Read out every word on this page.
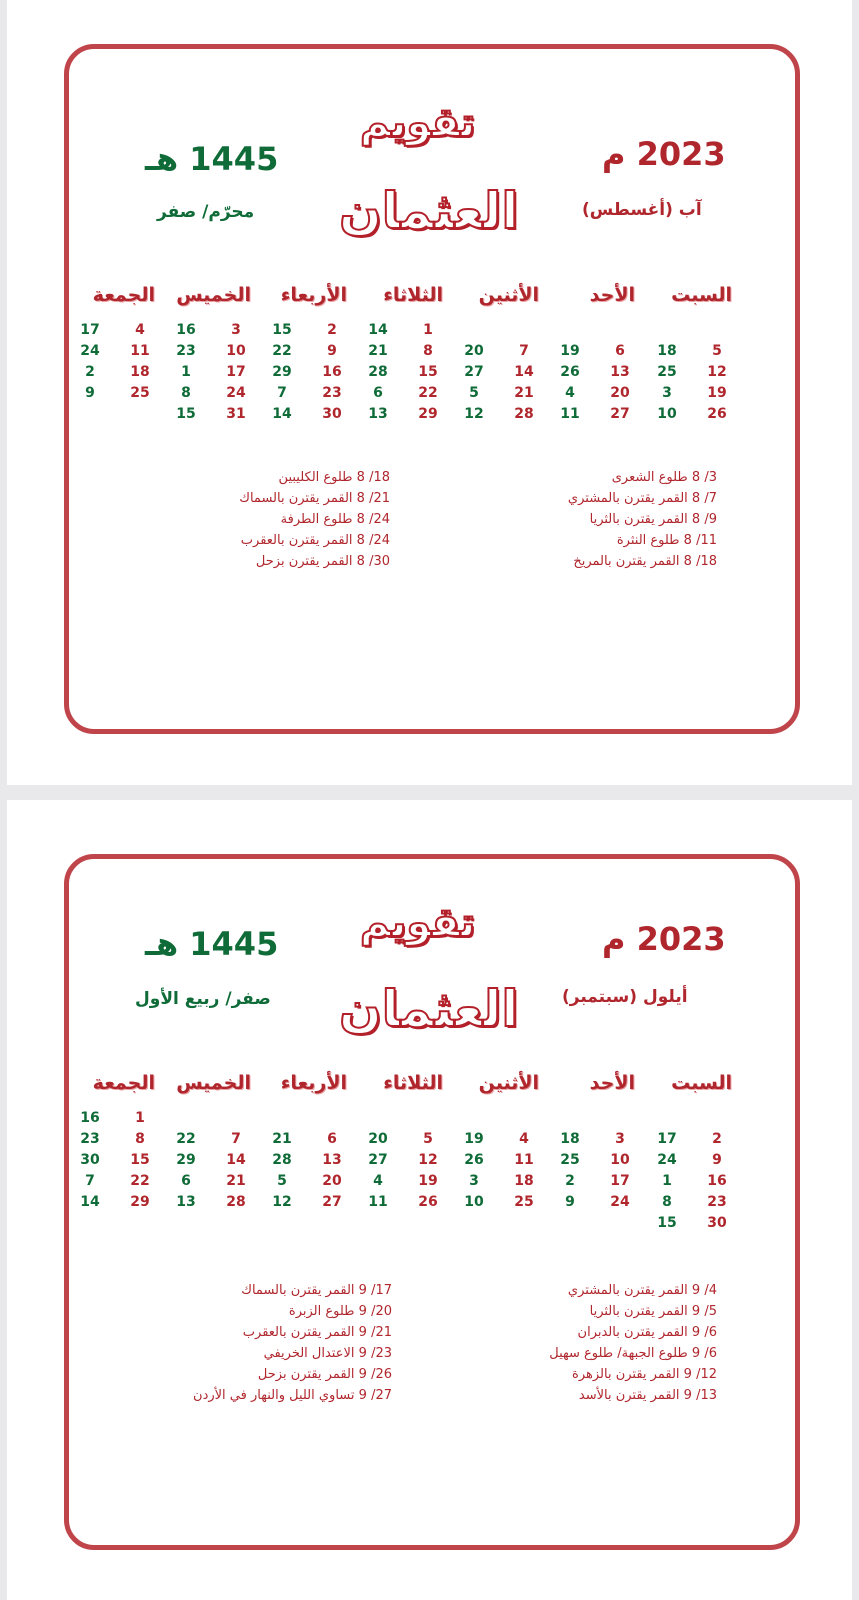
تقويم
العثمان
2023 م
1445 هـ
آب (أغسطس)
محرّم/ صفر
3/ 8 طلوع الشعرى
7/ 8 القمر يقترن بالمشتري
9/ 8 القمر يقترن بالثريا
11/ 8 طلوع النثرة
18/ 8 القمر يقترن بالمريخ
18/ 8 طلوع الكليبين
21/ 8 القمر يقترن بالسماك
24/ 8 طلوع الطرفة
24/ 8 القمر يقترن بالعقرب
30/ 8 القمر يقترن بزحل
السبت
الأحد
الأثنين
الثلاثاء
الأربعاء
الخميس
الجمعة
1
14
2
15
3
16
4
17
5
18
6
19
7
20
8
21
9
22
10
23
11
24
12
25
13
26
14
27
15
28
16
29
17
1
18
2
19
3
20
4
21
5
22
6
23
7
24
8
25
9
26
10
27
11
28
12
29
13
30
14
31
15
تقويم
العثمان
2023 م
1445 هـ
أيلول (سبتمبر)
صفر/ ربيع الأول
4/ 9 القمر يقترن بالمشتري
5/ 9 القمر يقترن بالثريا
6/ 9 القمر يقترن بالدبران
6/ 9 طلوع الجبهة/ طلوع سهيل
12/ 9 القمر يقترن بالزهرة
13/ 9 القمر يقترن بالأسد
17/ 9 القمر يقترن بالسماك
20/ 9 طلوع الزبرة
21/ 9 القمر يقترن بالعقرب
23/ 9 الاعتدال الخريفي
26/ 9 القمر يقترن بزحل
27/ 9 تساوي الليل والنهار في الأردن
السبت
الأحد
الأثنين
الثلاثاء
الأربعاء
الخميس
الجمعة
1
16
2
17
3
18
4
19
5
20
6
21
7
22
8
23
9
24
10
25
11
26
12
27
13
28
14
29
15
30
16
1
17
2
18
3
19
4
20
5
21
6
22
7
23
8
24
9
25
10
26
11
27
12
28
13
29
14
30
15
